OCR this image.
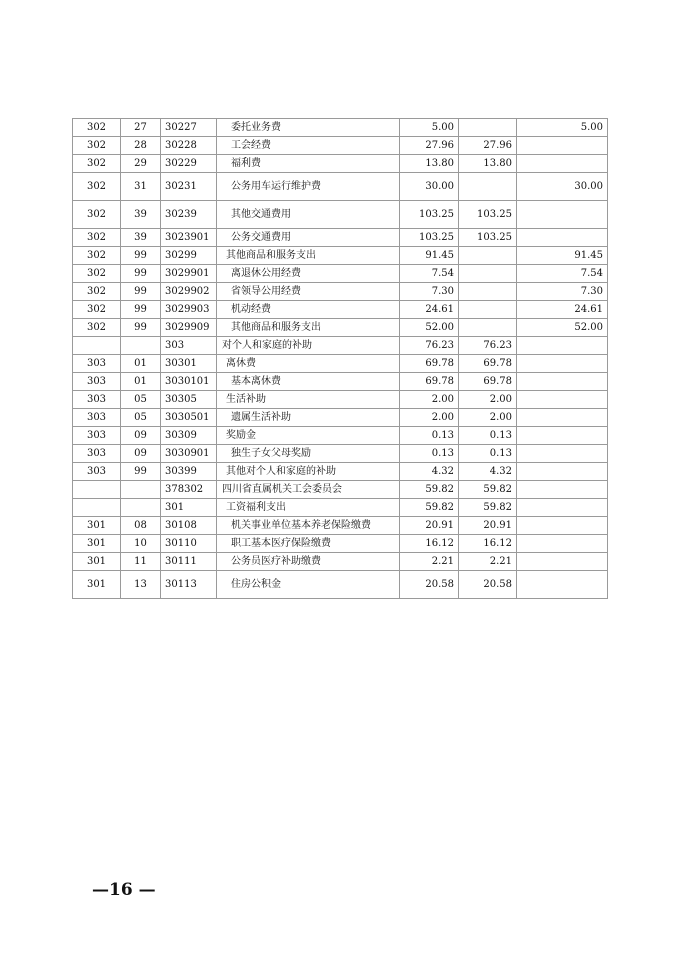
302	27	30227	委托业务费	5.00		5.00
302	28	30228	工会经费	27.96	27.96	
302	29	30229	福利费	13.80	13.80	
302	31	30231	公务用车运行维护费	30.00		30.00
302	39	30239	其他交通费用	103.25	103.25	
302	39	3023901	公务交通费用	103.25	103.25	
302	99	30299	其他商品和服务支出	91.45		91.45
302	99	3029901	离退休公用经费	7.54		7.54
302	99	3029902	省领导公用经费	7.30		7.30
302	99	3029903	机动经费	24.61		24.61
302	99	3029909	其他商品和服务支出	52.00		52.00
		303	对个人和家庭的补助	76.23	76.23	
303	01	30301	离休费	69.78	69.78	
303	01	3030101	基本离休费	69.78	69.78	
303	05	30305	生活补助	2.00	2.00	
303	05	3030501	遗属生活补助	2.00	2.00	
303	09	30309	奖励金	0.13	0.13	
303	09	3030901	独生子女父母奖励	0.13	0.13	
303	99	30399	其他对个人和家庭的补助	4.32	4.32	
		378302	四川省直属机关工会委员会	59.82	59.82	
		301	工资福利支出	59.82	59.82	
301	08	30108	机关事业单位基本养老保险缴费	20.91	20.91	
301	10	30110	职工基本医疗保险缴费	16.12	16.12	
301	11	30111	公务员医疗补助缴费	2.21	2.21	
301	13	30113	住房公积金	20.58	20.58	
—16 —
